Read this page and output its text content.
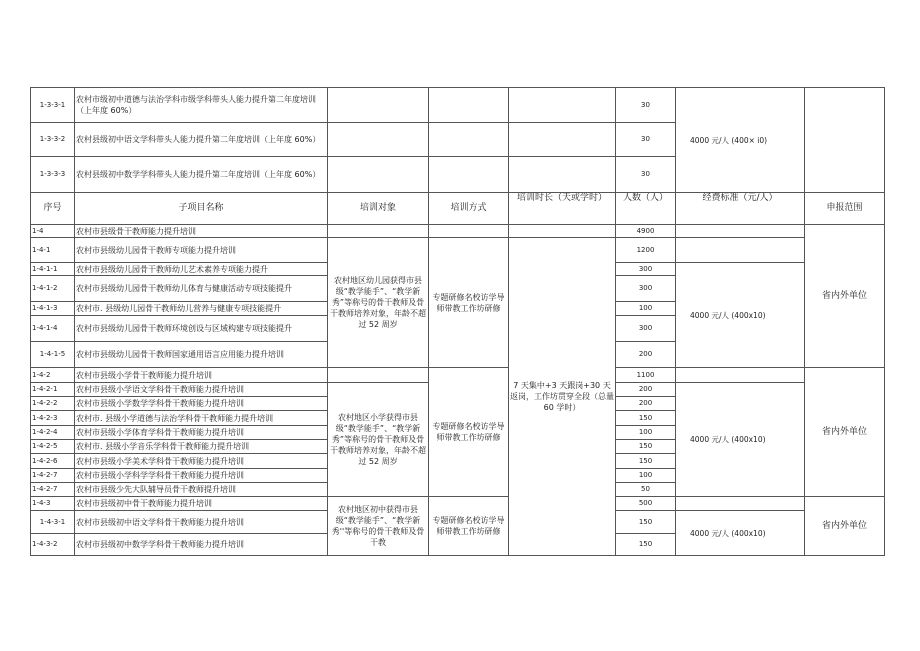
1-3-3-1	农村市级初中道德与法治学科市级学科带头人能力提升第二年度培训（上年度 60%）				30	4000 元/人 (400× i0)	
1-3-3-2	农村县级初中语文学科带头人能力提升第二年度培训（上年度 60%）				30		
1-3-3-3	农村县级初中数学学科带头人能力提升第二年度培训（上年度 60%）				30		
序号	子项目名称	培训对象	培训方式	培训时长（天或学时）	人数（人）	经费标准（元/人）	申报范围
1-4	农村市县级骨干教师能力提升培训				4900		省内外单位
1-4-1	农村市县级幼儿园骨干教师专项能力提升培训	农村地区幼儿园获得市县级“教学能手”、“教学新秀”等称号的骨干教师及骨干教师培养对象，年龄不超过 52 周岁	专题研修名校访学导师带教工作坊研修	7 天集中+3 天跟岗+30 天返岗，工作坊贯穿全段（总量 60 学时）	1200		
1-4-1-1	农村市县级幼儿园骨干教师幼儿艺术素养专项能力提升				300	4000 元/人 (400x10)	
1-4-1-2	农村市县级幼儿园骨干教师幼儿体育与健康活动专项技能提升				300		
1-4-1-3	农村市. 县级幼儿园骨干教师幼儿营养与健康专项技能提升				100		
1-4-1-4	农村市县级幼儿园骨干教师环境创设与区域构建专项技能提升				300		
1-4-1-5	农村市县级幼儿园骨干教师国家通用语言应用能力提升培训				200		
1-4-2	农村市县级小学骨干教师能力提升培训		专题研修名校访学导师带教工作坊研修		1100		省内外单位
1-4-2-1	农村市县级小学语文学科骨干教师能力提升培训	农村地区小学获得市县级“教学能手”、“教学新秀”等称号的骨干教师及骨干教师培养对象，年龄不超过 52 周岁			200	4000 元/人 (400x10)	
1-4-2-2	农村市县级小学数学学科骨干教师能力提升培训				200		
1-4-2-3	农村市. 县级小学道德与法治学科骨干教师能力提升培训				150		
1-4-2-4	农村市县级小学体育学科骨干教师能力提升培训				100		
1-4-2-5	农村市. 县级小学音乐学科骨干教师能力提升培训				150		
1-4-2-6	农村市县级小学美术学科骨干教师能力提升培训				150		
1-4-2-7	农村市县级小学科学学科骨干教师能力提升培训				100		
1-4-2-7	农村市县级少先大队辅导员骨干教师提升培训				50		
1-4-3	农村市县级初中骨干教师能力提升培训	农村地区初中获得市县级“教学能手”、“教学新秀''等称号的骨干教师及骨干教	专题研修名校访学导师带教工作坊研修		500		省内外单位
1-4-3-1	农村市县级初中语文学科骨干教师能力提升培训				150	4000 元/人 (400x10)	
1-4-3-2	农村市县级初中数学学科骨干教师能力提升培训				150		
